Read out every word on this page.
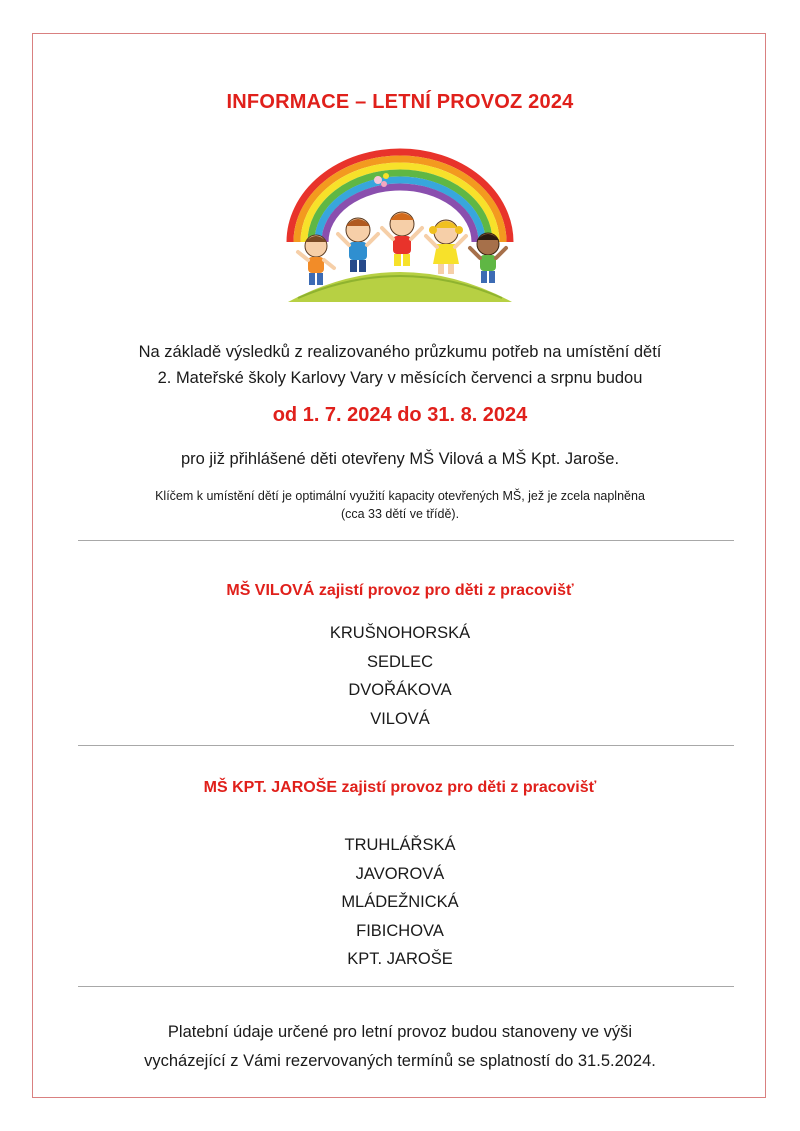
INFORMACE – LETNÍ PROVOZ 2024
Na základě výsledků z realizovaného průzkumu potřeb na umístění dětí
2. Mateřské školy Karlovy Vary v měsících červenci a srpnu budou
od 1. 7. 2024 do 31. 8. 2024
pro již přihlášené děti otevřeny MŠ Vilová a MŠ Kpt. Jaroše.
Klíčem k umístění dětí je optimální využití kapacity otevřených MŠ, jež je zcela naplněna
(cca 33 dětí ve třídě).
MŠ VILOVÁ zajistí provoz pro děti z pracovišť
KRUŠNOHORSKÁ
SEDLEC
DVOŘÁKOVA
VILOVÁ
MŠ KPT. JAROŠE zajistí provoz pro děti z pracovišť
TRUHLÁŘSKÁ
JAVOROVÁ
MLÁDEŽNICKÁ
FIBICHOVA
KPT. JAROŠE
Platební údaje určené pro letní provoz budou stanoveny ve výši
vycházející z Vámi rezervovaných termínů se splatností do 31.5.2024.
